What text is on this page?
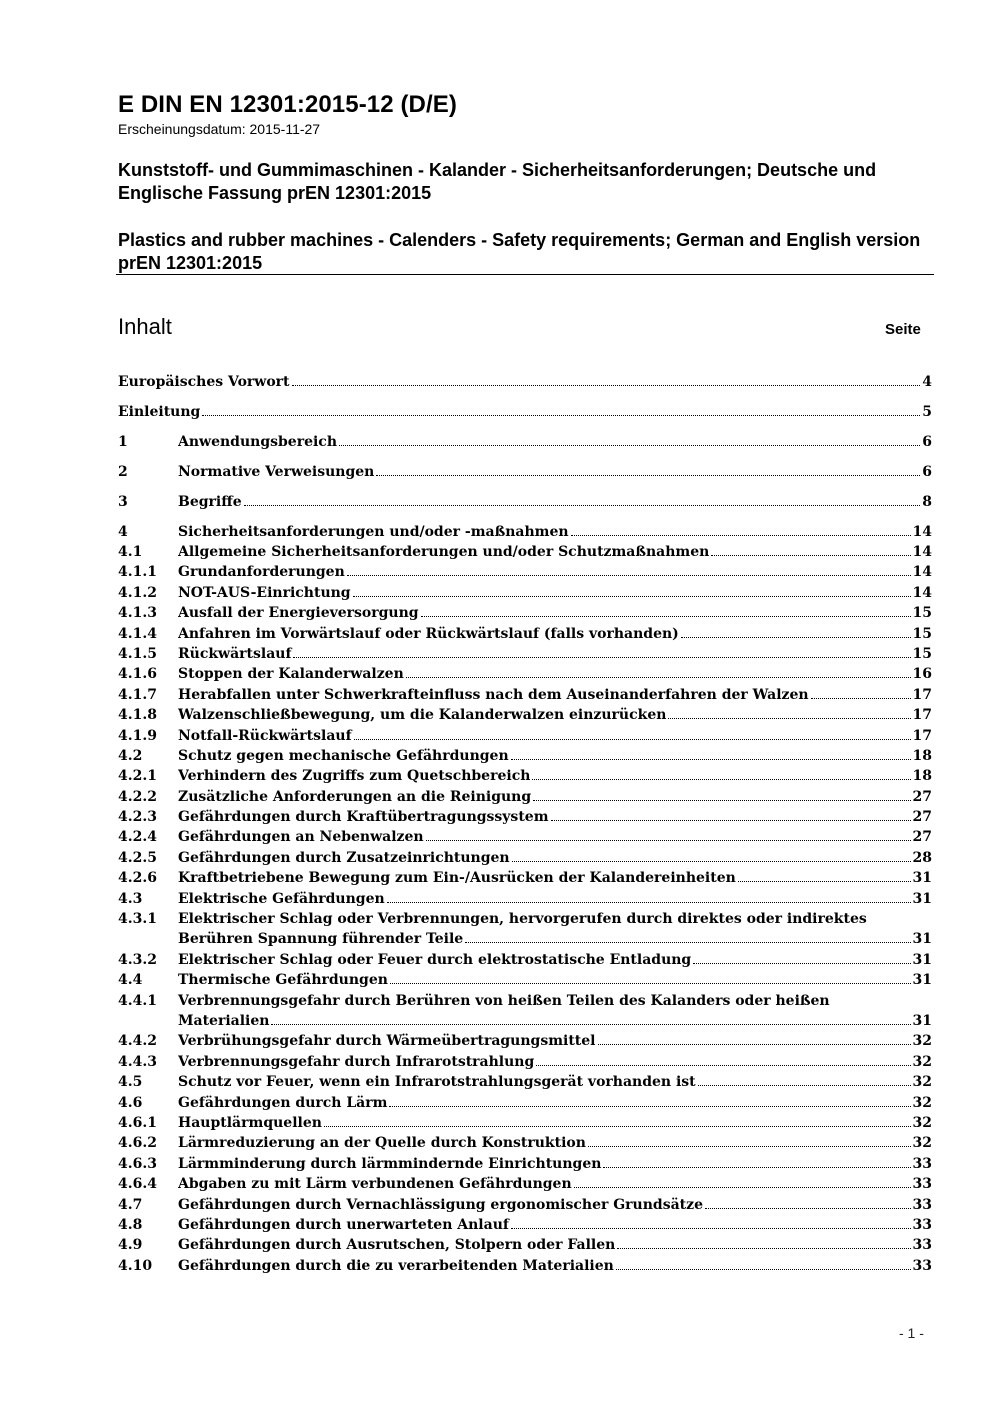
E DIN EN 12301:2015-12 (D/E)
Erscheinungsdatum: 2015-11-27
Kunststoff- und Gummimaschinen - Kalander - Sicherheitsanforderungen; Deutsche und Englische Fassung prEN 12301:2015
Plastics and rubber machines - Calenders - Safety requirements; German and English version prEN 12301:2015
Inhalt	Seite
Europäisches Vorwort	4
Einleitung	5
1	Anwendungsbereich	6
2	Normative Verweisungen	6
3	Begriffe	8
4	Sicherheitsanforderungen und/oder -maßnahmen	14
4.1	Allgemeine Sicherheitsanforderungen und/oder Schutzmaßnahmen	14
4.1.1	Grundanforderungen	14
4.1.2	NOT-AUS-Einrichtung	14
4.1.3	Ausfall der Energieversorgung	15
4.1.4	Anfahren im Vorwärtslauf oder Rückwärtslauf (falls vorhanden)	15
4.1.5	Rückwärtslauf	15
4.1.6	Stoppen der Kalanderwalzen	16
4.1.7	Herabfallen unter Schwerkrafteinfluss nach dem Auseinanderfahren der Walzen	17
4.1.8	Walzenschließbewegung, um die Kalanderwalzen einzurücken	17
4.1.9	Notfall-Rückwärtslauf	17
4.2	Schutz gegen mechanische Gefährdungen	18
4.2.1	Verhindern des Zugriffs zum Quetschbereich	18
4.2.2	Zusätzliche Anforderungen an die Reinigung	27
4.2.3	Gefährdungen durch Kraftübertragungssystem	27
4.2.4	Gefährdungen an Nebenwalzen	27
4.2.5	Gefährdungen durch Zusatzeinrichtungen	28
4.2.6	Kraftbetriebene Bewegung zum Ein-/Ausrücken der Kalandereinheiten	31
4.3	Elektrische Gefährdungen	31
4.3.1	Elektrischer Schlag oder Verbrennungen, hervorgerufen durch direktes oder indirektes
Berühren Spannung führender Teile	31
4.3.2	Elektrischer Schlag oder Feuer durch elektrostatische Entladung	31
4.4	Thermische Gefährdungen	31
4.4.1	Verbrennungsgefahr durch Berühren von heißen Teilen des Kalanders oder heißen
Materialien	31
4.4.2	Verbrühungsgefahr durch Wärmeübertragungsmittel	32
4.4.3	Verbrennungsgefahr durch Infrarotstrahlung	32
4.5	Schutz vor Feuer, wenn ein Infrarotstrahlungsgerät vorhanden ist	32
4.6	Gefährdungen durch Lärm	32
4.6.1	Hauptlärmquellen	32
4.6.2	Lärmreduzierung an der Quelle durch Konstruktion	32
4.6.3	Lärmminderung durch lärmmindernde Einrichtungen	33
4.6.4	Abgaben zu mit Lärm verbundenen Gefährdungen	33
4.7	Gefährdungen durch Vernachlässigung ergonomischer Grundsätze	33
4.8	Gefährdungen durch unerwarteten Anlauf	33
4.9	Gefährdungen durch Ausrutschen, Stolpern oder Fallen	33
4.10	Gefährdungen durch die zu verarbeitenden Materialien	33
- 1 -
